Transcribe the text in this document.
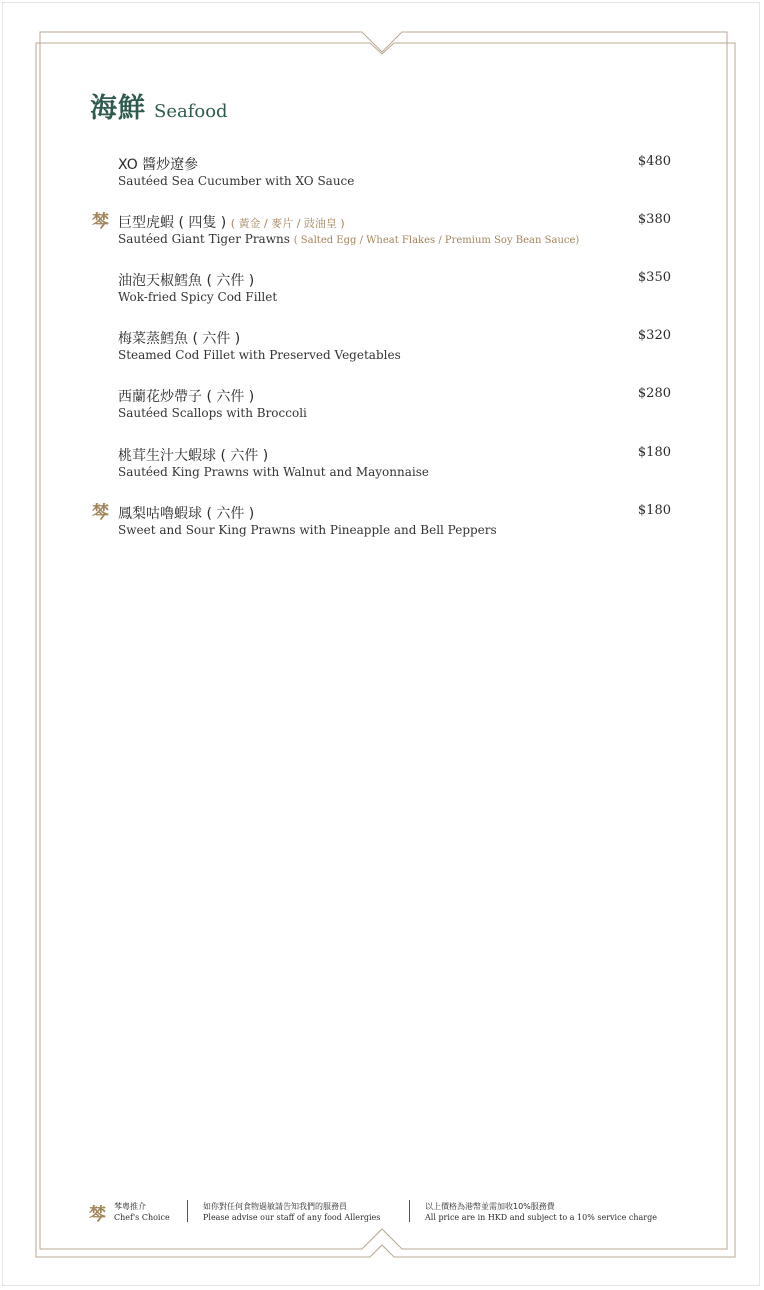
海鮮 Seafood
XO 醬炒遼參
Sautéed Sea Cucumber with XO Sauce
$480
棽 巨型虎蝦 ( 四隻 ) ( 黃金 / 麥片 / 豉油皇 )
Sautéed Giant Tiger Prawns ( Salted Egg / Wheat Flakes / Premium Soy Bean Sauce)
$380
油泡天椒鱈魚 ( 六件 )
Wok-fried Spicy Cod Fillet
$350
梅菜蒸鱈魚 ( 六件 )
Steamed Cod Fillet with Preserved Vegetables
$320
西蘭花炒帶子 ( 六件 )
Sautéed Scallops with Broccoli
$280
桃茸生汁大蝦球 ( 六件 )
Sautéed King Prawns with Walnut and Mayonnaise
$180
棽 鳳梨咕嚕蝦球 ( 六件 )
Sweet and Sour King Prawns with Pineapple and Bell Peppers
$180
棽 棽粵推介
Chef's Choice
如你對任何食物過敏請告知我們的服務員
Please advise our staff of any food Allergies
以上價格為港幣並需加收10%服務費
All price are in HKD and subject to a 10% service charge
